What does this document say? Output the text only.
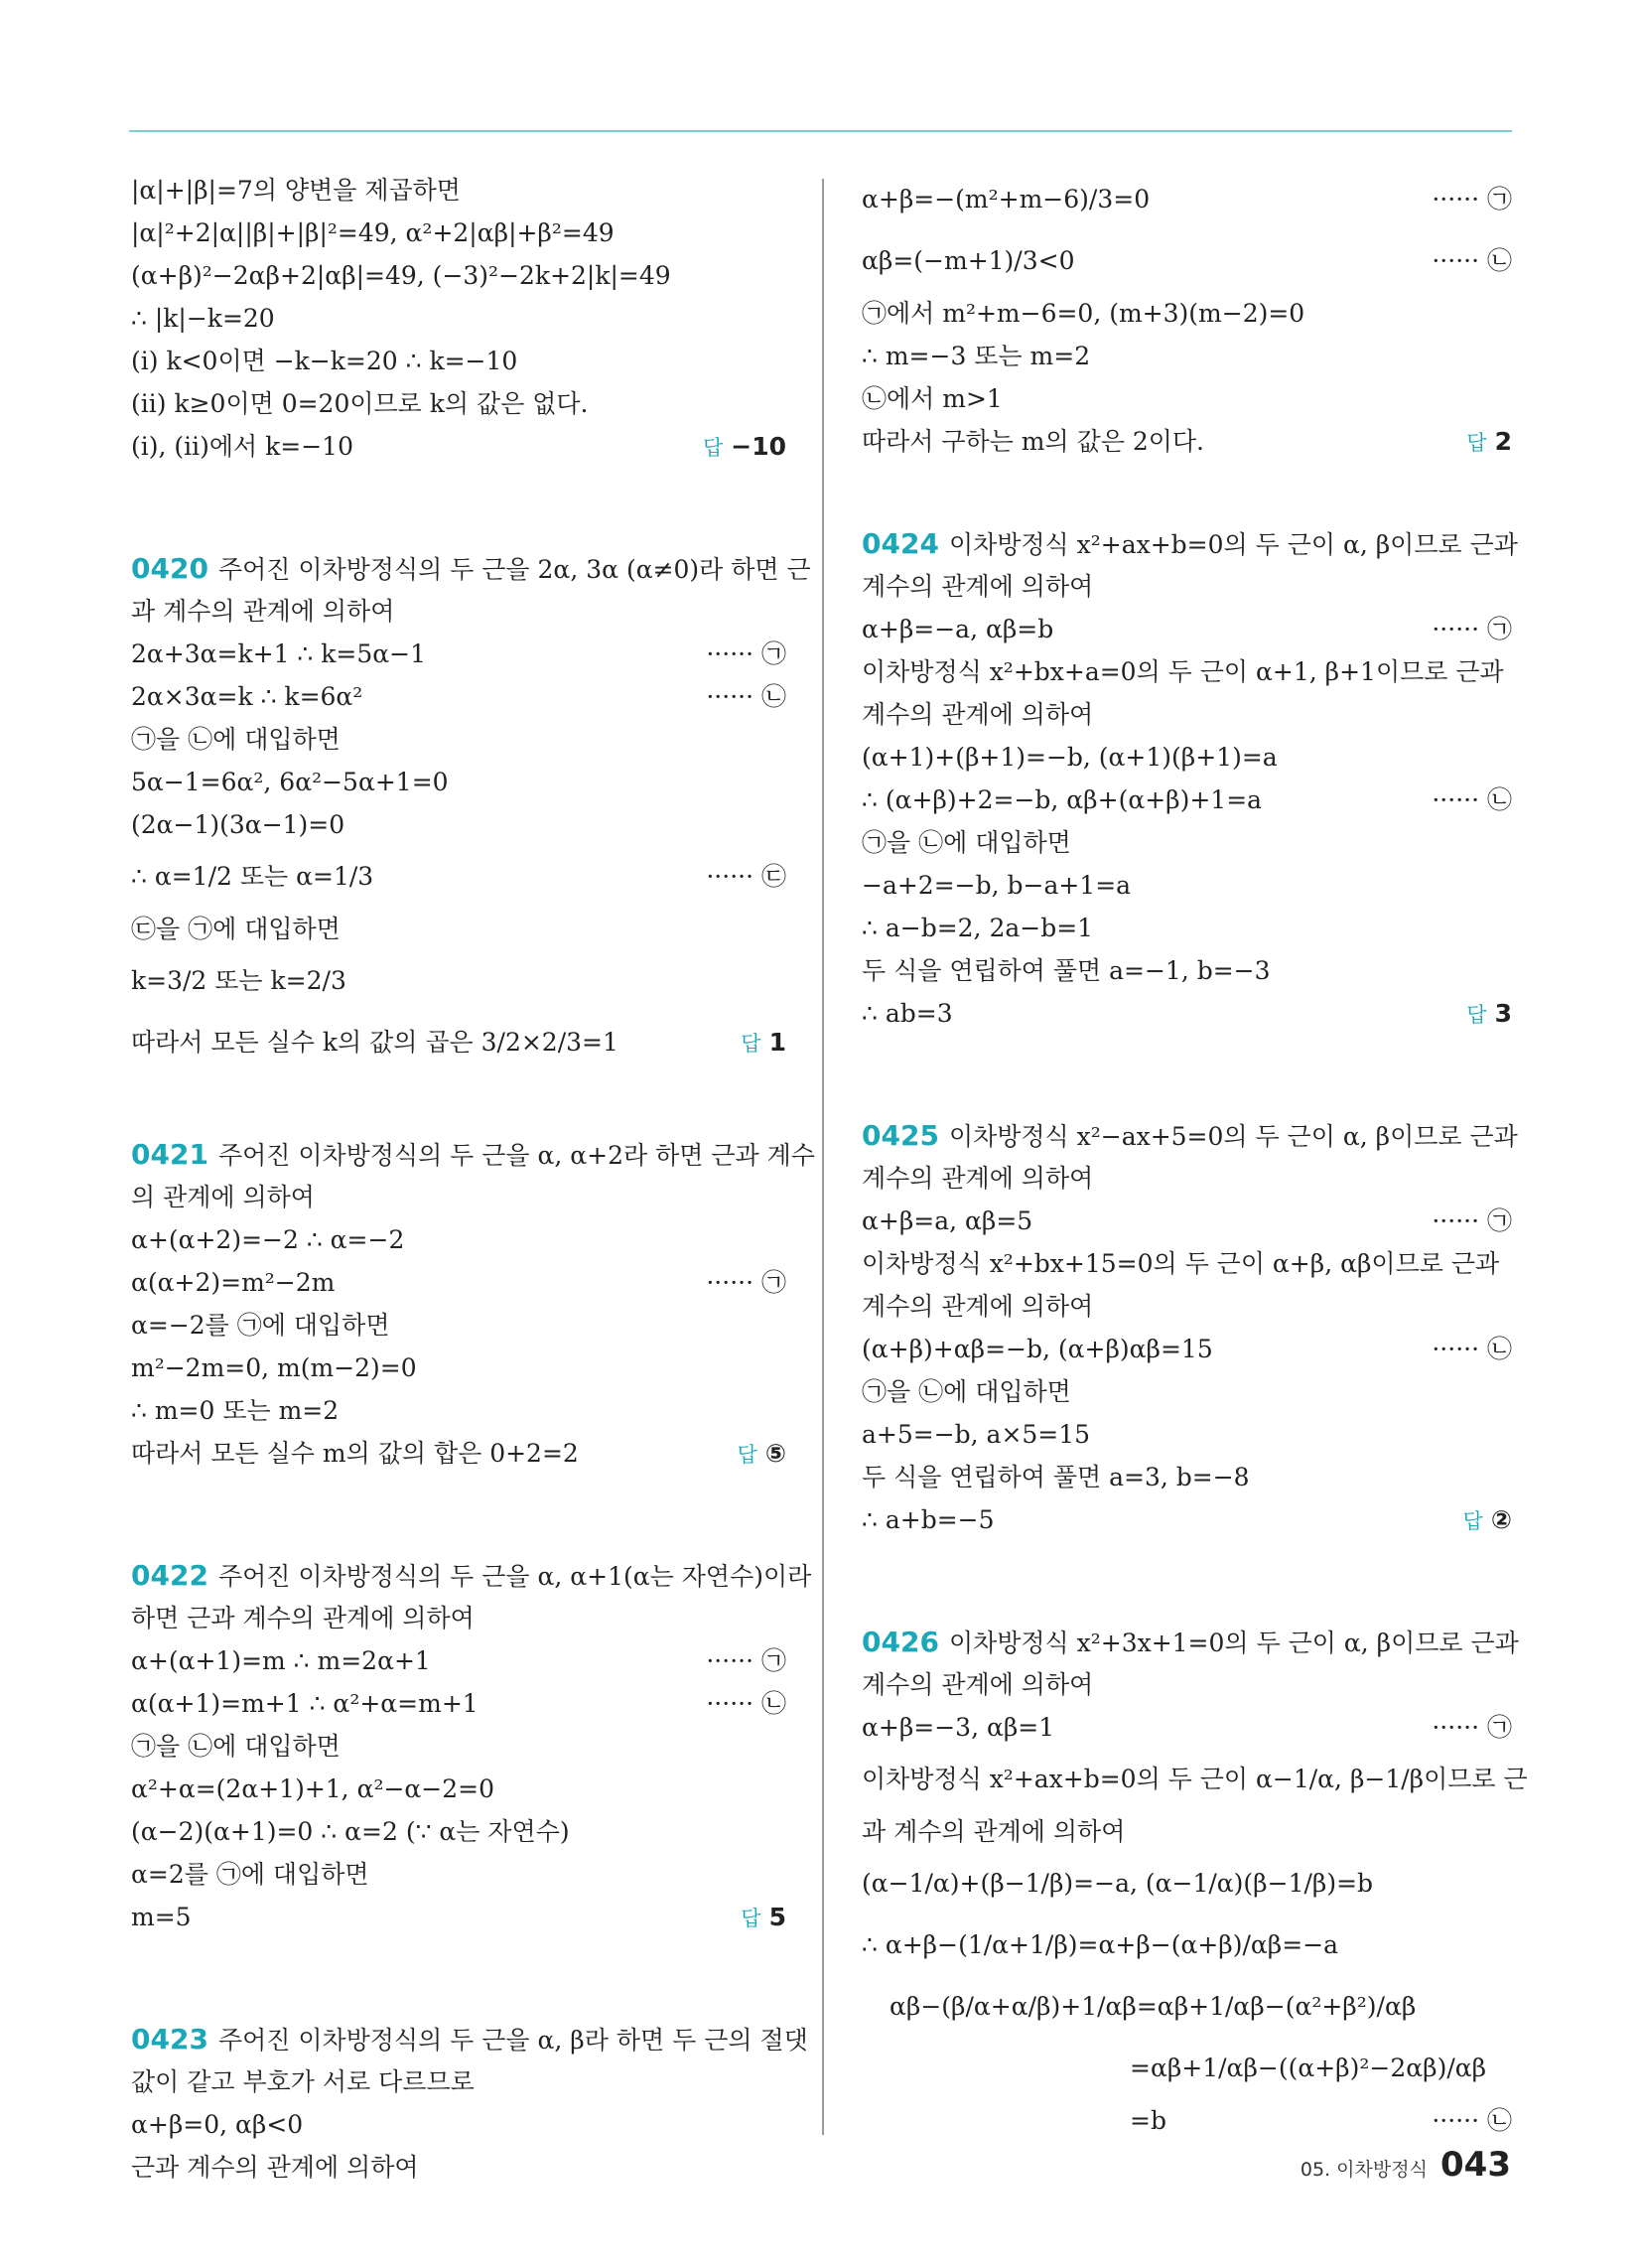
|α|+|β|=7의 양변을 제곱하면
|α|²+2|α||β|+|β|²=49, α²+2|αβ|+β²=49
(α+β)²−2αβ+2|αβ|=49, (−3)²−2k+2|k|=49
∴ |k|−k=20
(ⅰ) k<0이면 −k−k=20 ∴ k=−10
(ⅱ) k≥0이면 0=20이므로 k의 값은 없다.
(ⅰ), (ⅱ)에서 k=−10	답 −10
0420 주어진 이차방정식의 두 근을 2α, 3α (α≠0)라 하면 근
과 계수의 관계에 의하여
2α+3α=k+1 ∴ k=5α−1	······ ㉠
2α×3α=k ∴ k=6α²	······ ㉡
㉠을 ㉡에 대입하면
5α−1=6α², 6α²−5α+1=0
(2α−1)(3α−1)=0
∴ α=1/2 또는 α=1/3	······ ㉢
㉢을 ㉠에 대입하면
k=3/2 또는 k=2/3
따라서 모든 실수 k의 값의 곱은 3/2×2/3=1	답 1
0421 주어진 이차방정식의 두 근을 α, α+2라 하면 근과 계수
의 관계에 의하여
α+(α+2)=−2 ∴ α=−2
α(α+2)=m²−2m	······ ㉠
α=−2를 ㉠에 대입하면
m²−2m=0, m(m−2)=0
∴ m=0 또는 m=2
따라서 모든 실수 m의 값의 합은 0+2=2	답 ⑤
0422 주어진 이차방정식의 두 근을 α, α+1(α는 자연수)이라
하면 근과 계수의 관계에 의하여
α+(α+1)=m ∴ m=2α+1	······ ㉠
α(α+1)=m+1 ∴ α²+α=m+1	······ ㉡
㉠을 ㉡에 대입하면
α²+α=(2α+1)+1, α²−α−2=0
(α−2)(α+1)=0 ∴ α=2 (∵ α는 자연수)
α=2를 ㉠에 대입하면
m=5	답 5
0423 주어진 이차방정식의 두 근을 α, β라 하면 두 근의 절댓
값이 같고 부호가 서로 다르므로
α+β=0, αβ<0
근과 계수의 관계에 의하여
α+β=−(m²+m−6)/3=0	······ ㉠
αβ=(−m+1)/3<0	······ ㉡
㉠에서 m²+m−6=0, (m+3)(m−2)=0
∴ m=−3 또는 m=2
㉡에서 m>1
따라서 구하는 m의 값은 2이다.	답 2
0424 이차방정식 x²+ax+b=0의 두 근이 α, β이므로 근과
계수의 관계에 의하여
α+β=−a, αβ=b	······ ㉠
이차방정식 x²+bx+a=0의 두 근이 α+1, β+1이므로 근과
계수의 관계에 의하여
(α+1)+(β+1)=−b, (α+1)(β+1)=a
∴ (α+β)+2=−b, αβ+(α+β)+1=a	······ ㉡
㉠을 ㉡에 대입하면
−a+2=−b, b−a+1=a
∴ a−b=2, 2a−b=1
두 식을 연립하여 풀면 a=−1, b=−3
∴ ab=3	답 3
0425 이차방정식 x²−ax+5=0의 두 근이 α, β이므로 근과
계수의 관계에 의하여
α+β=a, αβ=5	······ ㉠
이차방정식 x²+bx+15=0의 두 근이 α+β, αβ이므로 근과
계수의 관계에 의하여
(α+β)+αβ=−b, (α+β)αβ=15	······ ㉡
㉠을 ㉡에 대입하면
a+5=−b, a×5=15
두 식을 연립하여 풀면 a=3, b=−8
∴ a+b=−5	답 ②
0426 이차방정식 x²+3x+1=0의 두 근이 α, β이므로 근과
계수의 관계에 의하여
α+β=−3, αβ=1	······ ㉠
이차방정식 x²+ax+b=0의 두 근이 α−1/α, β−1/β이므로 근
과 계수의 관계에 의하여
(α−1/α)+(β−1/β)=−a, (α−1/α)(β−1/β)=b
∴ α+β−(1/α+1/β)=α+β−(α+β)/αβ=−a
αβ−(β/α+α/β)+1/αβ=αβ+1/αβ−(α²+β²)/αβ
=αβ+1/αβ−((α+β)²−2αβ)/αβ
=b	······ ㉡
05. 이차방정식 043
